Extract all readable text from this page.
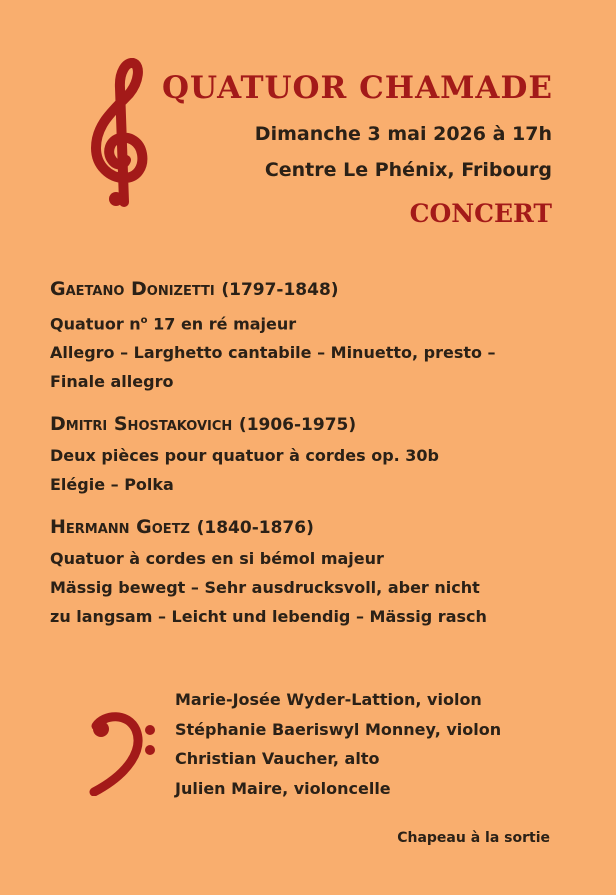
QUATUOR CHAMADE
Dimanche 3 mai 2026 à 17h
Centre Le Phénix, Fribourg
CONCERT
Gaetano Donizetti (1797-1848)
Quatuor $n^o$ 17 en ré majeur
Allegro – Larghetto cantabile – Minuetto, presto –
Finale allegro
Dmitri Shostakovich (1906-1975)
Deux pièces pour quatuor à cordes op. 30b
Elégie – Polka
Hermann Goetz (1840-1876)
Quatuor à cordes en si bémol majeur
Mässig bewegt – Sehr ausdrucksvoll, aber nicht
zu langsam – Leicht und lebendig – Mässig rasch
Marie-Josée Wyder-Lattion, violon
Stéphanie Baeriswyl Monney, violon
Christian Vaucher, alto
Julien Maire, violoncelle
Chapeau à la sortie
